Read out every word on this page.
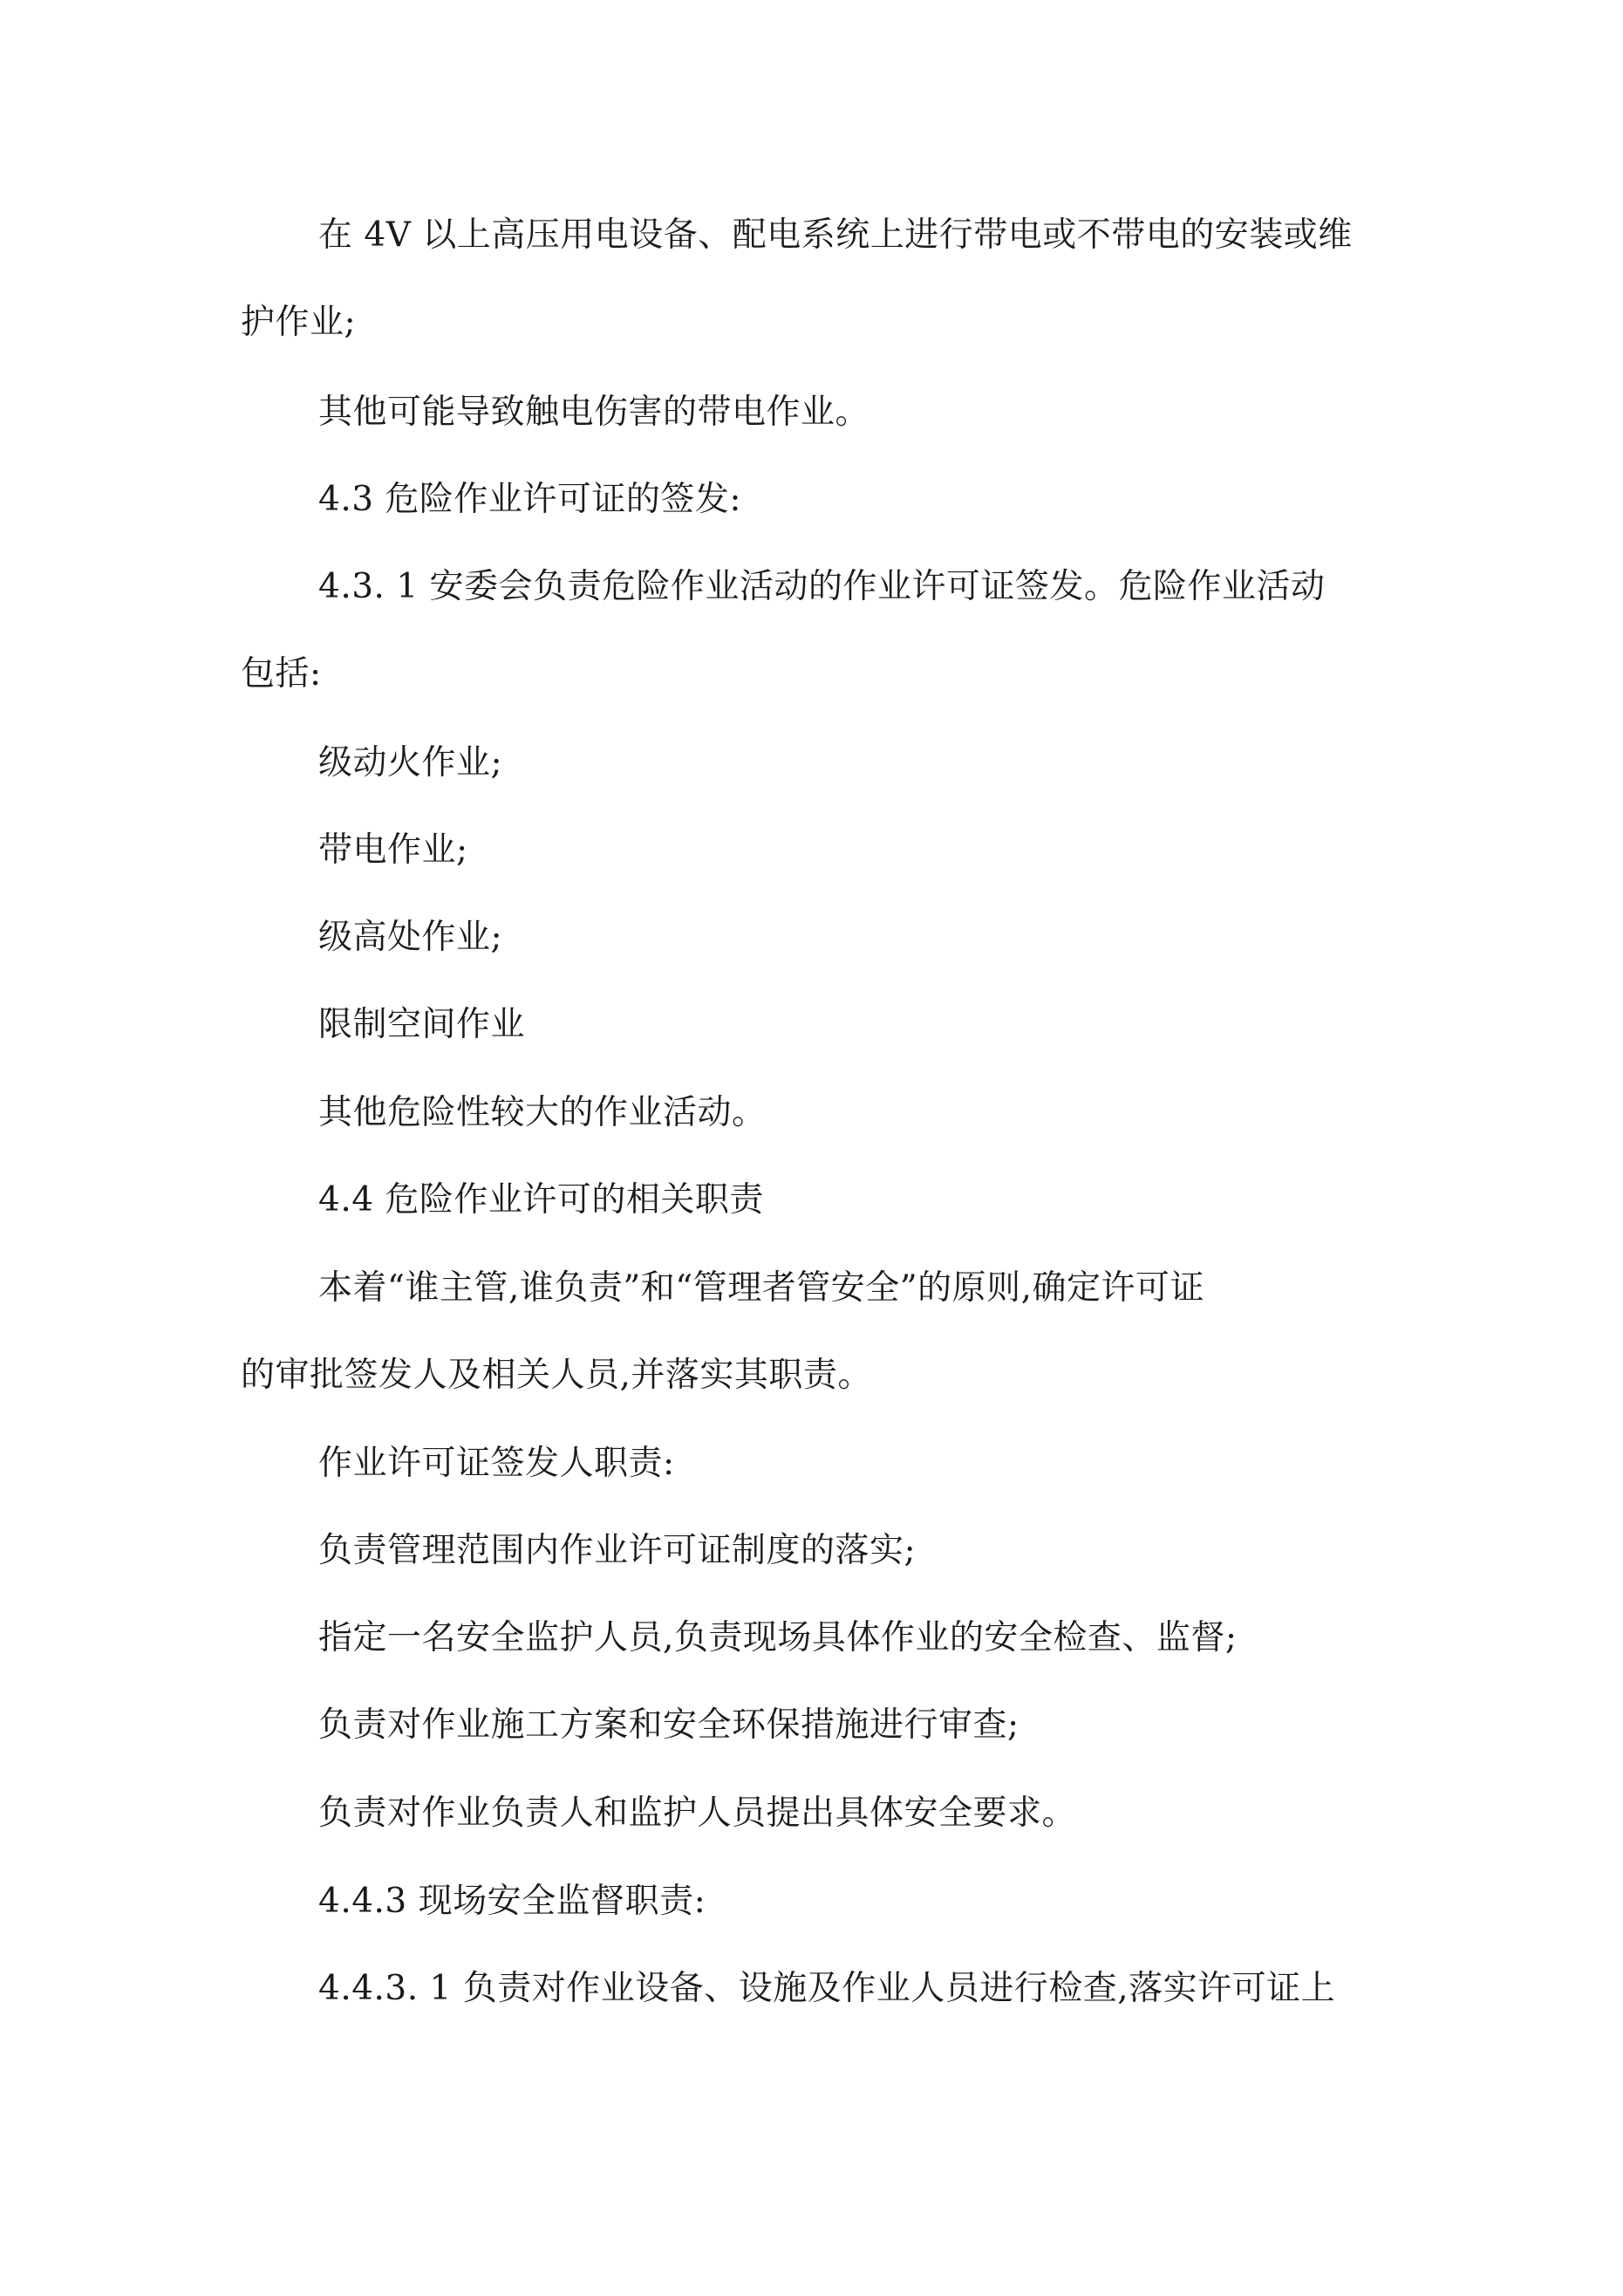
在 4V 以上高压用电设备、配电系统上进行带电或不带电的安装或维

护作业;

其他可能导致触电伤害的带电作业。

4.3 危险作业许可证的签发:

4.3. 1 安委会负责危险作业活动的作业许可证签发。危险作业活动

包括:

级动火作业;

带电作业;

级高处作业;

限制空间作业

其他危险性较大的作业活动。

4.4 危险作业许可的相关职责

本着“谁主管,谁负责”和“管理者管安全”的原则,确定许可证

的审批签发人及相关人员,并落实其职责。

作业许可证签发人职责:

负责管理范围内作业许可证制度的落实;

指定一名安全监护人员,负责现场具体作业的安全检查、监督;

负责对作业施工方案和安全环保措施进行审查;

负责对作业负责人和监护人员提出具体安全要求。

4.4.3 现场安全监督职责:

4.4.3. 1 负责对作业设备、设施及作业人员进行检查,落实许可证上
